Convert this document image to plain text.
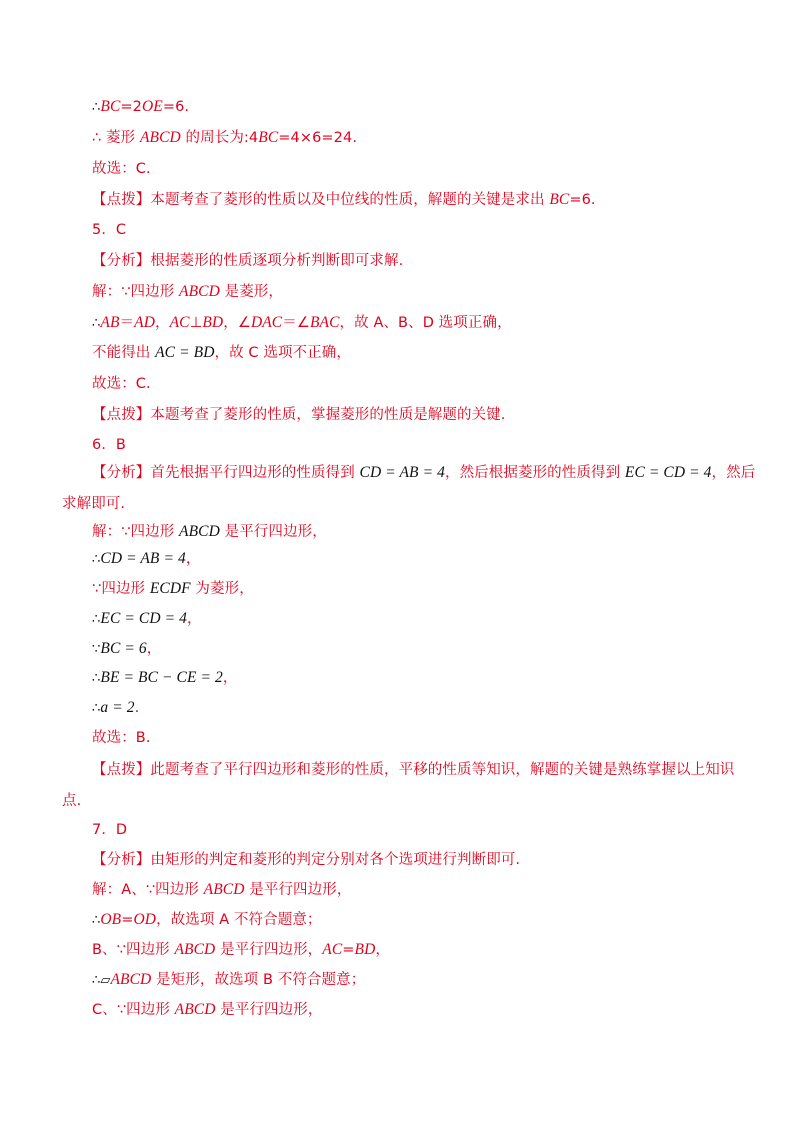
∴BC=2OE=6.
∴ 菱形 ABCD 的周长为:4BC=4×6=24.
故选：C.
【点拨】本题考查了菱形的性质以及中位线的性质，解题的关键是求出 BC=6.
5．C
【分析】根据菱形的性质逐项分析判断即可求解.
解：∵四边形 ABCD 是菱形，
∴AB＝AD，AC⊥BD，∠DAC＝∠BAC，故 A、B、D 选项正确，
不能得出 AC = BD，故 C 选项不正确，
故选：C.
【点拨】本题考查了菱形的性质，掌握菱形的性质是解题的关键.
6．B
【分析】首先根据平行四边形的性质得到 CD = AB = 4，然后根据菱形的性质得到 EC = CD = 4，然后
求解即可.
解：∵四边形 ABCD 是平行四边形，
∴CD = AB = 4，
∵四边形 ECDF 为菱形，
∴EC = CD = 4，
∵BC = 6，
∴BE = BC − CE = 2，
∴a = 2.
故选：B.
【点拨】此题考查了平行四边形和菱形的性质，平移的性质等知识，解题的关键是熟练掌握以上知识
点.
7．D
【分析】由矩形的判定和菱形的判定分别对各个选项进行判断即可.
解：A、∵四边形 ABCD 是平行四边形，
∴OB=OD，故选项 A 不符合题意；
B、∵四边形 ABCD 是平行四边形，AC=BD，
∴▱ABCD 是矩形，故选项 B 不符合题意；
C、∵四边形 ABCD 是平行四边形，
